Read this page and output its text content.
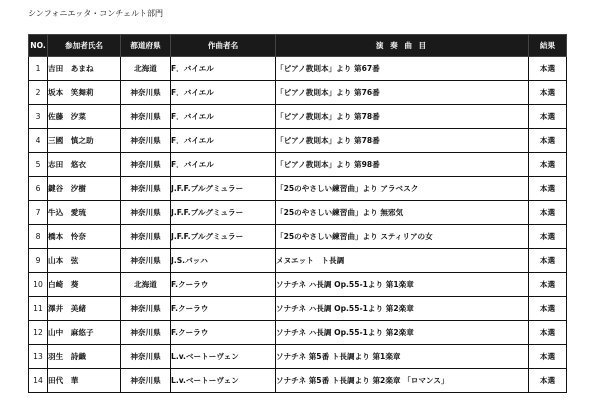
シンフォニエッタ・コンチェルト部門
NO.	参加者氏名	都道府県	作曲者名	演 奏 曲 目	結果
1	吉田　あまね	北海道	F．バイエル	「ピアノ教則本」より 第67番	本選
2	坂本　笑舞莉	神奈川県	F．バイエル	「ピアノ教則本」より 第76番	本選
3	佐藤　汐菜	神奈川県	F．バイエル	「ピアノ教則本」より 第78番	本選
4	三國　慎之助	神奈川県	F．バイエル	「ピアノ教則本」より 第78番	本選
5	志田　悠衣	神奈川県	F．バイエル	「ピアノ教則本」より 第98番	本選
6	鍵谷　汐樹	神奈川県	J.F.F.ブルグミュラー	「25のやさしい練習曲」より アラベスク	本選
7	牛込　愛琉	神奈川県	J.F.F.ブルグミュラー	「25のやさしい練習曲」より 無邪気	本選
8	橋本　怜奈	神奈川県	J.F.F.ブルグミュラー	「25のやさしい練習曲」より スティリアの女	本選
9	山本　弦	神奈川県	J.S.バッハ	メヌエット　ト長調	本選
10	白崎　葵	北海道	F.クーラウ	ソナチネ ハ長調 Op.55-1より 第1楽章	本選
11	澤井　美緒	神奈川県	F.クーラウ	ソナチネ ハ長調 Op.55-1より 第2楽章	本選
12	山中　麻悠子	神奈川県	F.クーラウ	ソナチネ ハ長調 Op.55-1より 第2楽章	本選
13	羽生　詩織	神奈川県	L.v.ベートーヴェン	ソナチネ 第5番 ト長調より 第1楽章	本選
14	田代　華	神奈川県	L.v.ベートーヴェン	ソナチネ 第5番 ト長調より 第2楽章 「ロマンス」	本選
